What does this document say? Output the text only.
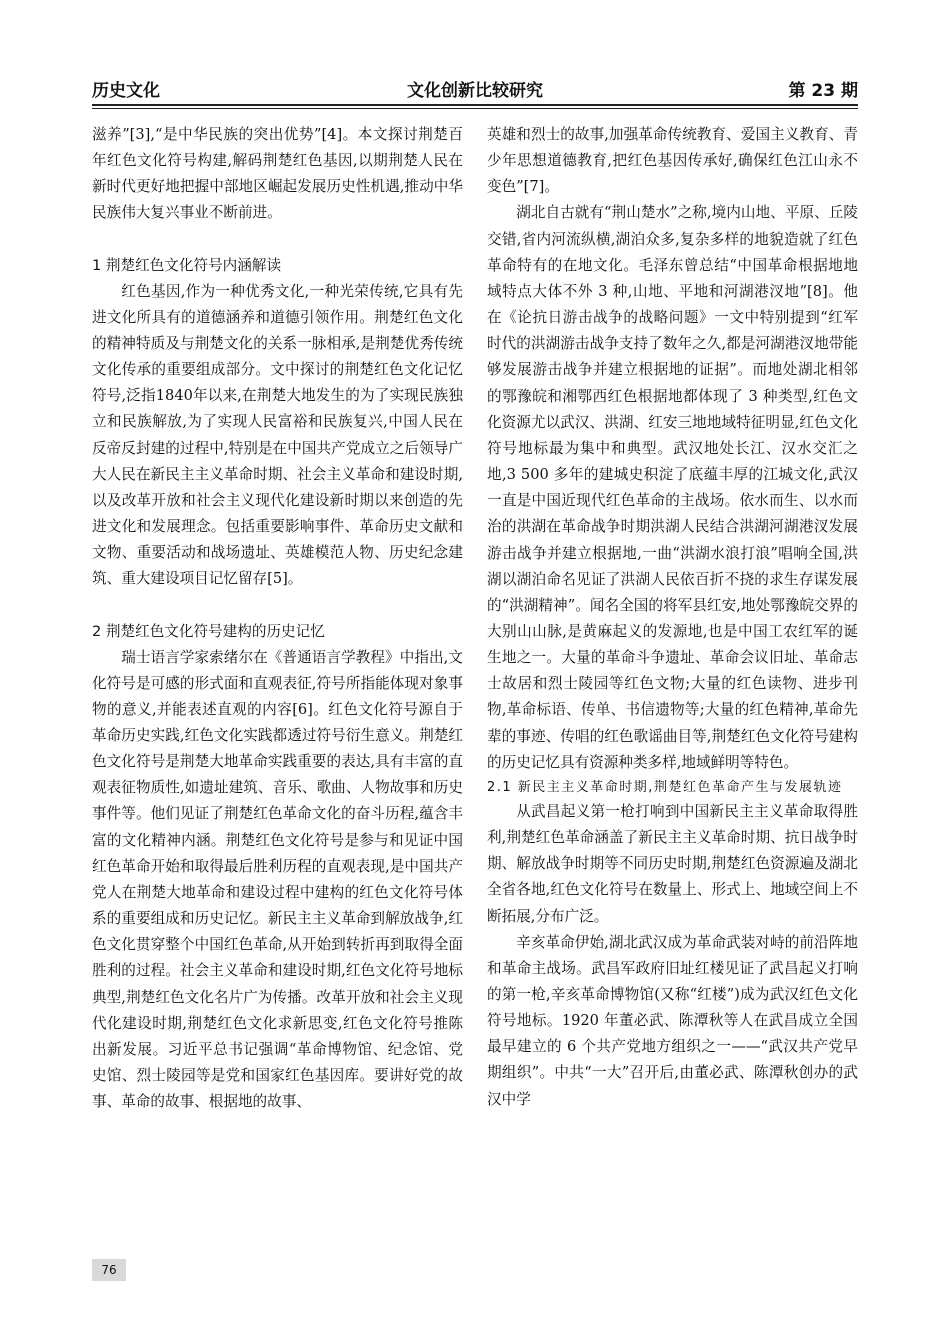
历史文化	文化创新比较研究	第 23 期

滋养”[3],“是中华民族的突出优势”[4]。本文探讨荆楚百年红色文化符号构建,解码荆楚红色基因,以期荆楚人民在新时代更好地把握中部地区崛起发展历史性机遇,推动中华民族伟大复兴事业不断前进。

1 荆楚红色文化符号内涵解读

红色基因,作为一种优秀文化,一种光荣传统,它具有先进文化所具有的道德涵养和道德引领作用。荆楚红色文化的精神特质及与荆楚文化的关系一脉相承,是荆楚优秀传统文化传承的重要组成部分。文中探讨的荆楚红色文化记忆符号,泛指1840年以来,在荆楚大地发生的为了实现民族独立和民族解放,为了实现人民富裕和民族复兴,中国人民在反帝反封建的过程中,特别是在中国共产党成立之后领导广大人民在新民主主义革命时期、社会主义革命和建设时期,以及改革开放和社会主义现代化建设新时期以来创造的先进文化和发展理念。包括重要影响事件、革命历史文献和文物、重要活动和战场遗址、英雄模范人物、历史纪念建筑、重大建设项目记忆留存[5]。

2 荆楚红色文化符号建构的历史记忆

瑞士语言学家索绪尔在《普通语言学教程》中指出,文化符号是可感的形式面和直观表征,符号所指能体现对象事物的意义,并能表述直观的内容[6]。红色文化符号源自于革命历史实践,红色文化实践都透过符号衍生意义。荆楚红色文化符号是荆楚大地革命实践重要的表达,具有丰富的直观表征物质性,如遗址建筑、音乐、歌曲、人物故事和历史事件等。他们见证了荆楚红色革命文化的奋斗历程,蕴含丰富的文化精神内涵。荆楚红色文化符号是参与和见证中国红色革命开始和取得最后胜利历程的直观表现,是中国共产党人在荆楚大地革命和建设过程中建构的红色文化符号体系的重要组成和历史记忆。新民主主义革命到解放战争,红色文化贯穿整个中国红色革命,从开始到转折再到取得全面胜利的过程。社会主义革命和建设时期,红色文化符号地标典型,荆楚红色文化名片广为传播。改革开放和社会主义现代化建设时期,荆楚红色文化求新思变,红色文化符号推陈出新发展。习近平总书记强调“革命博物馆、纪念馆、党史馆、烈士陵园等是党和国家红色基因库。要讲好党的故事、革命的故事、根据地的故事、

英雄和烈士的故事,加强革命传统教育、爱国主义教育、青少年思想道德教育,把红色基因传承好,确保红色江山永不变色”[7]。

湖北自古就有“荆山楚水”之称,境内山地、平原、丘陵交错,省内河流纵横,湖泊众多,复杂多样的地貌造就了红色革命特有的在地文化。毛泽东曾总结“中国革命根据地地域特点大体不外 3 种,山地、平地和河湖港汊地”[8]。他在《论抗日游击战争的战略问题》一文中特别提到“红军时代的洪湖游击战争支持了数年之久,都是河湖港汊地带能够发展游击战争并建立根据地的证据”。而地处湖北相邻的鄂豫皖和湘鄂西红色根据地都体现了 3 种类型,红色文化资源尤以武汉、洪湖、红安三地地域特征明显,红色文化符号地标最为集中和典型。武汉地处长江、汉水交汇之地,3 500 多年的建城史积淀了底蕴丰厚的江城文化,武汉一直是中国近现代红色革命的主战场。依水而生、以水而治的洪湖在革命战争时期洪湖人民结合洪湖河湖港汊发展游击战争并建立根据地,一曲“洪湖水浪打浪”唱响全国,洪湖以湖泊命名见证了洪湖人民依百折不挠的求生存谋发展的“洪湖精神”。闻名全国的将军县红安,地处鄂豫皖交界的大别山山脉,是黄麻起义的发源地,也是中国工农红军的诞生地之一。大量的革命斗争遗址、革命会议旧址、革命志士故居和烈士陵园等红色文物;大量的红色读物、进步刊物,革命标语、传单、书信遗物等;大量的红色精神,革命先辈的事迹、传唱的红色歌谣曲目等,荆楚红色文化符号建构的历史记忆具有资源种类多样,地域鲜明等特色。

2.1 新民主主义革命时期,荆楚红色革命产生与发展轨迹

从武昌起义第一枪打响到中国新民主主义革命取得胜利,荆楚红色革命涵盖了新民主主义革命时期、抗日战争时期、解放战争时期等不同历史时期,荆楚红色资源遍及湖北全省各地,红色文化符号在数量上、形式上、地域空间上不断拓展,分布广泛。

辛亥革命伊始,湖北武汉成为革命武装对峙的前沿阵地和革命主战场。武昌军政府旧址红楼见证了武昌起义打响的第一枪,辛亥革命博物馆(又称“红楼”)成为武汉红色文化符号地标。1920 年董必武、陈潭秋等人在武昌成立全国最早建立的 6 个共产党地方组织之一——“武汉共产党早期组织”。中共“一大”召开后,由董必武、陈潭秋创办的武汉中学

76
